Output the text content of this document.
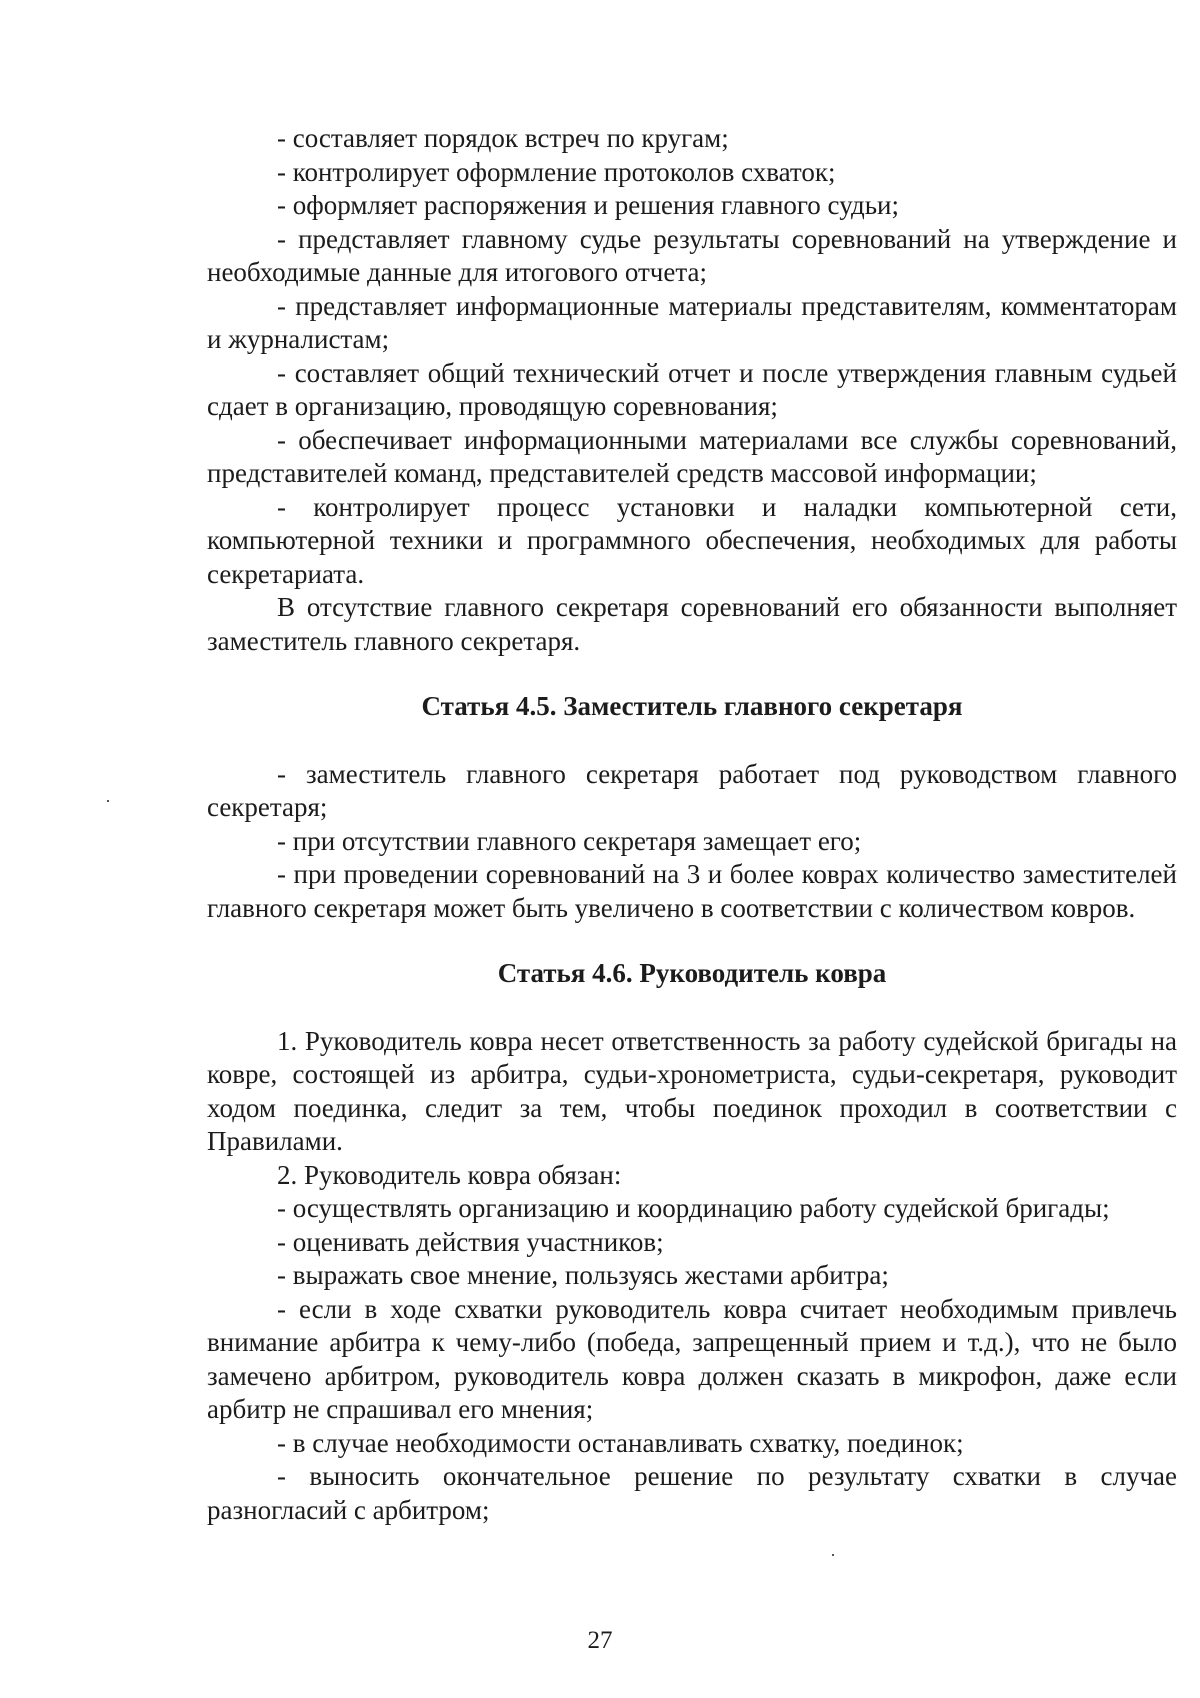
- составляет порядок встреч по кругам;

- контролирует оформление протоколов схваток;

- оформляет распоряжения и решения главного судьи;

- представляет главному судье результаты соревнований на утверждение и необходимые данные для итогового отчета;

- представляет информационные материалы представителям, комментаторам и журналистам;

- составляет общий технический отчет и после утверждения главным судьей сдает в организацию, проводящую соревнования;

- обеспечивает информационными материалами все службы соревнований, представителей команд, представителей средств массовой информации;

- контролирует процесс установки и наладки компьютерной сети, компьютерной техники и программного обеспечения, необходимых для работы секретариата.

В отсутствие главного секретаря соревнований его обязанности выполняет заместитель главного секретаря.

Статья 4.5. Заместитель главного секретаря

- заместитель главного секретаря работает под руководством главного секретаря;

- при отсутствии главного секретаря замещает его;

- при проведении соревнований на 3 и более коврах количество заместителей главного секретаря может быть увеличено в соответствии с количеством ковров.

Статья 4.6. Руководитель ковра

1. Руководитель ковра несет ответственность за работу судейской бригады на ковре, состоящей из арбитра, судьи-хронометриста, судьи-секретаря, руководит ходом поединка, следит за тем, чтобы поединок проходил в соответствии с Правилами.

2. Руководитель ковра обязан:

- осуществлять организацию и координацию работу судейской бригады;

- оценивать действия участников;

- выражать свое мнение, пользуясь жестами арбитра;

- если в ходе схватки руководитель ковра считает необходимым привлечь внимание арбитра к чему-либо (победа, запрещенный прием и т.д.), что не было замечено арбитром, руководитель ковра должен сказать в микрофон, даже если арбитр не спрашивал его мнения;

- в случае необходимости останавливать схватку, поединок;

- выносить окончательное решение по результату схватки в случае разногласий с арбитром;

27
